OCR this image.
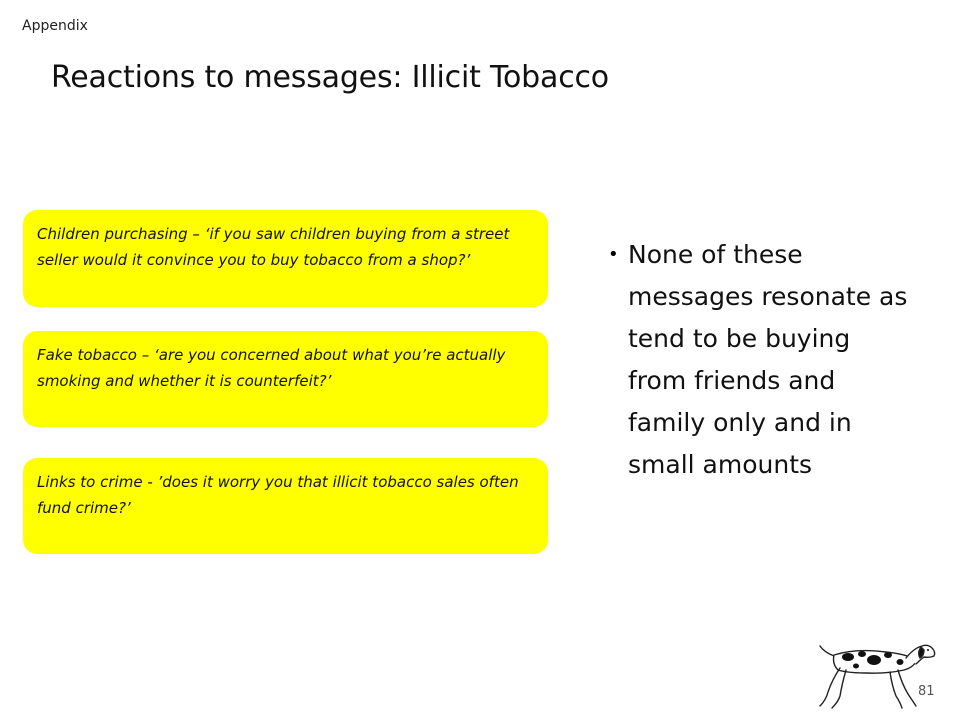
Appendix
Reactions to messages: Illicit Tobacco
Children purchasing – ‘if you saw children buying from a street seller would it convince you to buy tobacco from a shop?’
Fake tobacco – ‘are you concerned about what you’re actually smoking and whether it is counterfeit?’
Links to crime - ’does it worry you that illicit tobacco sales often fund crime?’
• None of these messages resonate as tend to be buying from friends and family only and in small amounts
81
